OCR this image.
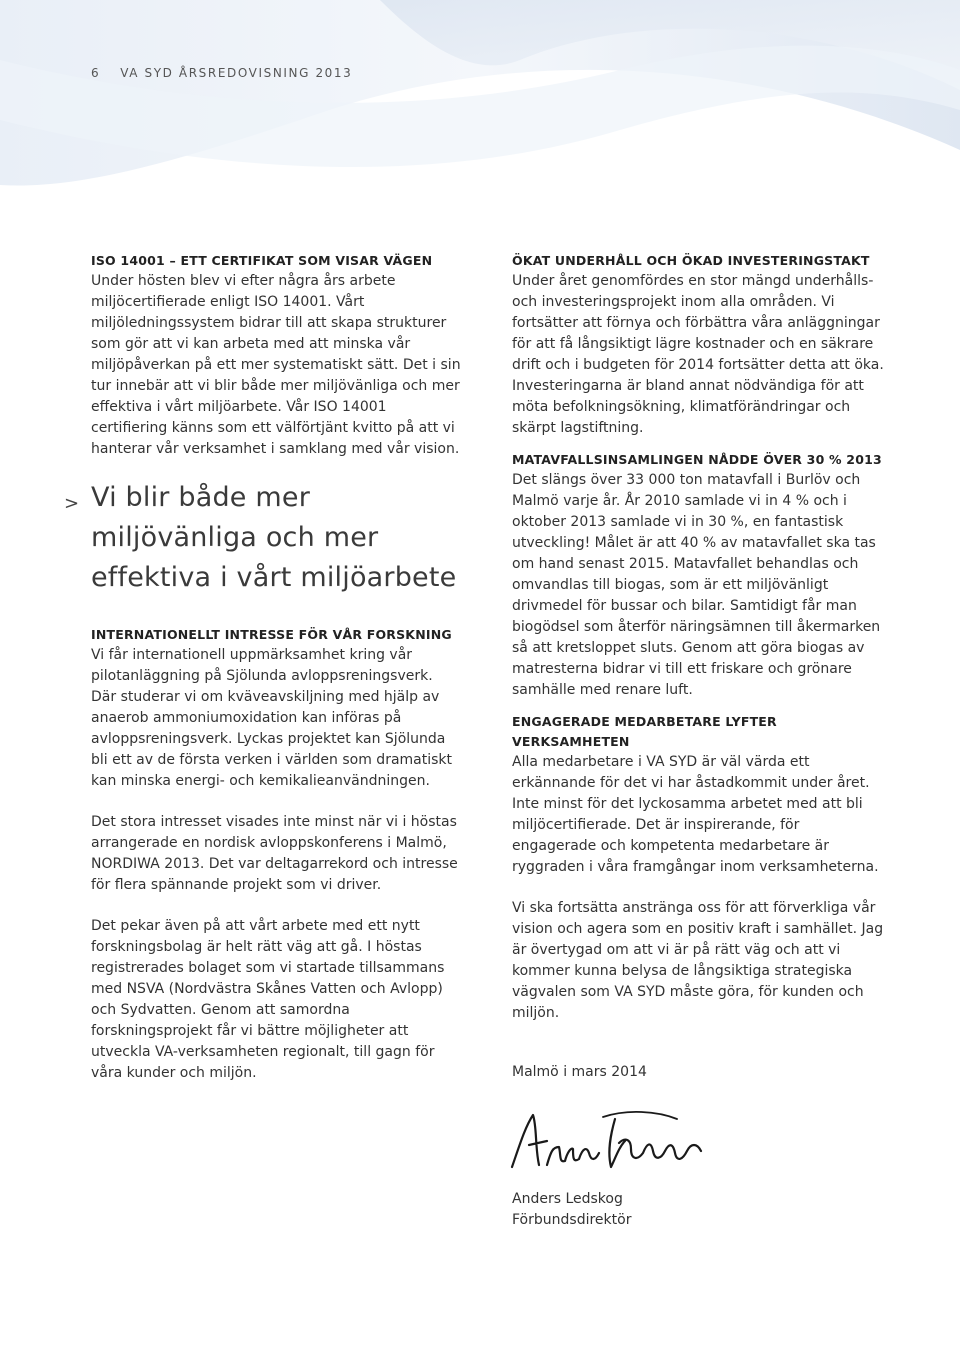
6 VA SYD ÅRSREDOVISNING 2013
ISO 14001 – ETT CERTIFIKAT SOM VISAR VÄGEN

Under hösten blev vi efter några års arbete miljöcertifierade enligt ISO 14001. Vårt miljöledningssystem bidrar till att skapa strukturer som gör att vi kan arbeta med att minska vår miljöpåverkan på ett mer systematiskt sätt. Det i sin tur innebär att vi blir både mer miljövänliga och mer effektiva i vårt miljöarbete. Vår ISO 14001 certifiering känns som ett välförtjänt kvitto på att vi hanterar vår verksamhet i samklang med vår vision.

> Vi blir både mer miljövänliga och mer effektiva i vårt miljöarbete
INTERNATIONELLT INTRESSE FÖR VÅR FORSKNING

Vi får internationell uppmärksamhet kring vår pilotanläggning på Sjölunda avloppsreningsverk. Där studerar vi om kväveavskiljning med hjälp av anaerob ammoniumoxidation kan införas på avloppsreningsverk. Lyckas projektet kan Sjölunda bli ett av de första verken i världen som dramatiskt kan minska energi- och kemikalieanvändningen.

Det stora intresset visades inte minst när vi i höstas arrangerade en nordisk avloppskonferens i Malmö, NORDIWA 2013. Det var deltagarrekord och intresse för flera spännande projekt som vi driver.

Det pekar även på att vårt arbete med ett nytt forskningsbolag är helt rätt väg att gå. I höstas registrerades bolaget som vi startade tillsammans med NSVA (Nordvästra Skånes Vatten och Avlopp) och Sydvatten. Genom att samordna forskningsprojekt får vi bättre möjligheter att utveckla VA-verksamheten regionalt, till gagn för våra kunder och miljön.

ÖKAT UNDERHÅLL OCH ÖKAD INVESTERINGSTAKT

Under året genomfördes en stor mängd underhålls- och investeringsprojekt inom alla områden. Vi fortsätter att förnya och förbättra våra anläggningar för att få långsiktigt lägre kostnader och en säkrare drift och i budgeten för 2014 fortsätter detta att öka. Investeringarna är bland annat nödvändiga för att möta befolkningsökning, klimatförändringar och skärpt lagstiftning.

MATAVFALLSINSAMLINGEN NÅDDE ÖVER 30 % 2013

Det slängs över 33 000 ton matavfall i Burlöv och Malmö varje år. År 2010 samlade vi in 4 % och i oktober 2013 samlade vi in 30 %, en fantastisk utveckling! Målet är att 40 % av matavfallet ska tas om hand senast 2015. Matavfallet behandlas och omvandlas till biogas, som är ett miljövänligt drivmedel för bussar och bilar. Samtidigt får man biogödsel som återför näringsämnen till åkermarken så att kretsloppet sluts. Genom att göra biogas av matresterna bidrar vi till ett friskare och grönare samhälle med renare luft.

ENGAGERADE MEDARBETARE LYFTER VERKSAMHETEN

Alla medarbetare i VA SYD är väl värda ett erkännande för det vi har åstadkommit under året. Inte minst för det lyckosamma arbetet med att bli miljöcertifierade. Det är inspirerande, för engagerade och kompetenta medarbetare är ryggraden i våra framgångar inom verksamheterna.

Vi ska fortsätta anstränga oss för att förverkliga vår vision och agera som en positiv kraft i samhället. Jag är övertygad om att vi är på rätt väg och att vi kommer kunna belysa de långsiktiga strategiska vägvalen som VA SYD måste göra, för kunden och miljön.

Malmö i mars 2014

Anders Ledskog

Förbundsdirektör
